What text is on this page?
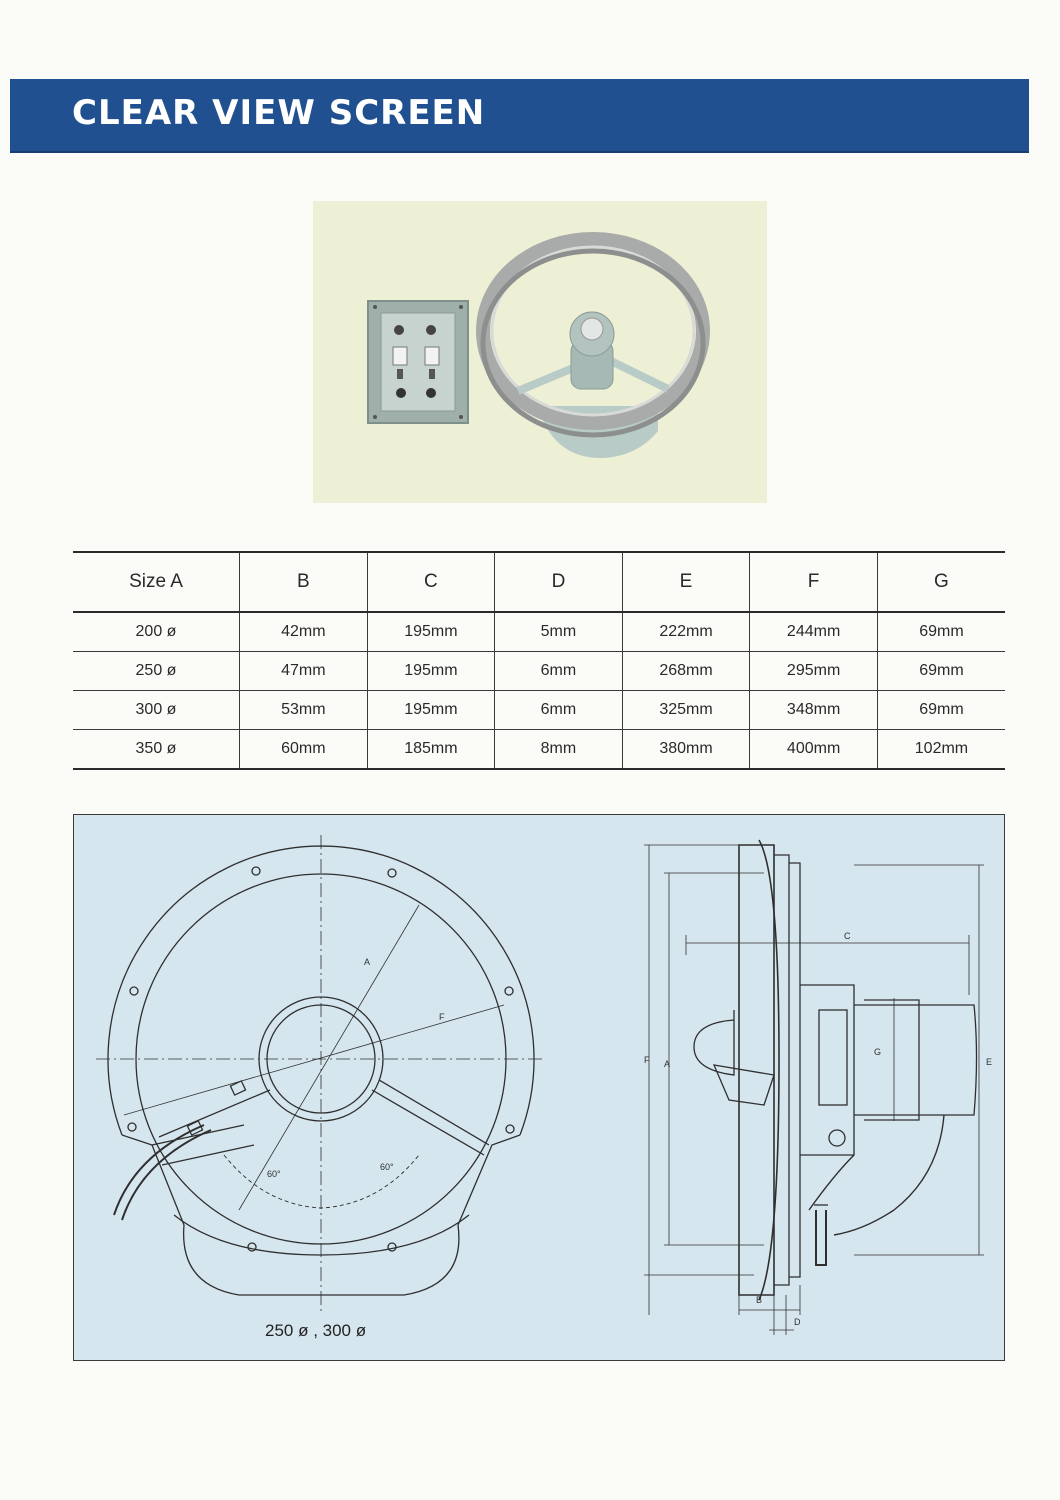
CLEAR VIEW SCREEN
Size A	B	C	D	E	F	G
200 ø	42mm	195mm	5mm	222mm	244mm	69mm
250 ø	47mm	195mm	6mm	268mm	295mm	69mm
300 ø	53mm	195mm	6mm	325mm	348mm	69mm
350 ø	60mm	185mm	8mm	380mm	400mm	102mm
A
F
60°
60°
250 ø , 300 ø
F A
C
G
E
B
D
